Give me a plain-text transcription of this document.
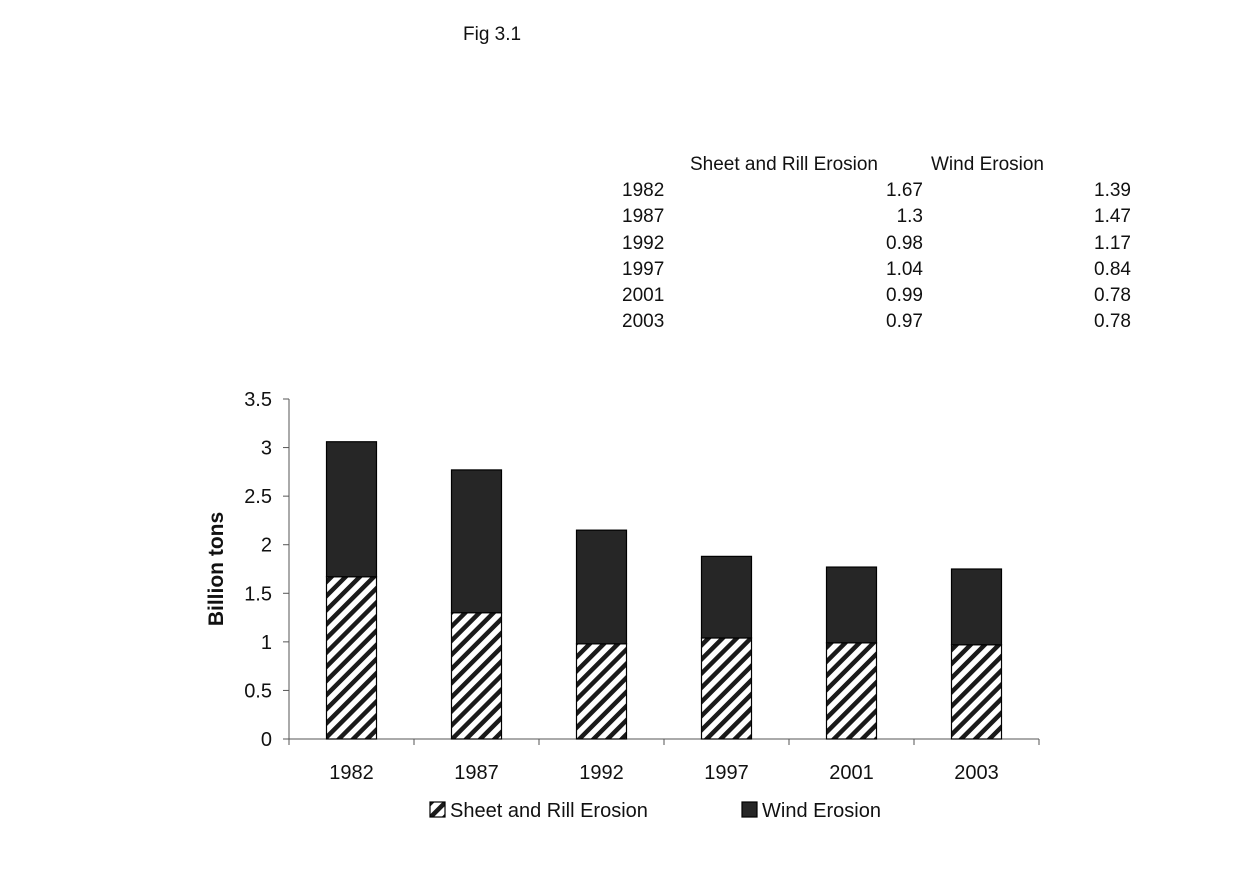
Fig 3.1
	Sheet and Rill Erosion	Wind Erosion
1982	1.67	1.39
1987	1.3	1.47
1992	0.98	1.17
1997	1.04	0.84
2001	0.99	0.78
2003	0.97	0.78
0
0.5
1
1.5
2
2.5
3
3.5
1982	1987	1992	1997	2001	2003
Billion tons
Sheet and Rill Erosion	Wind Erosion
